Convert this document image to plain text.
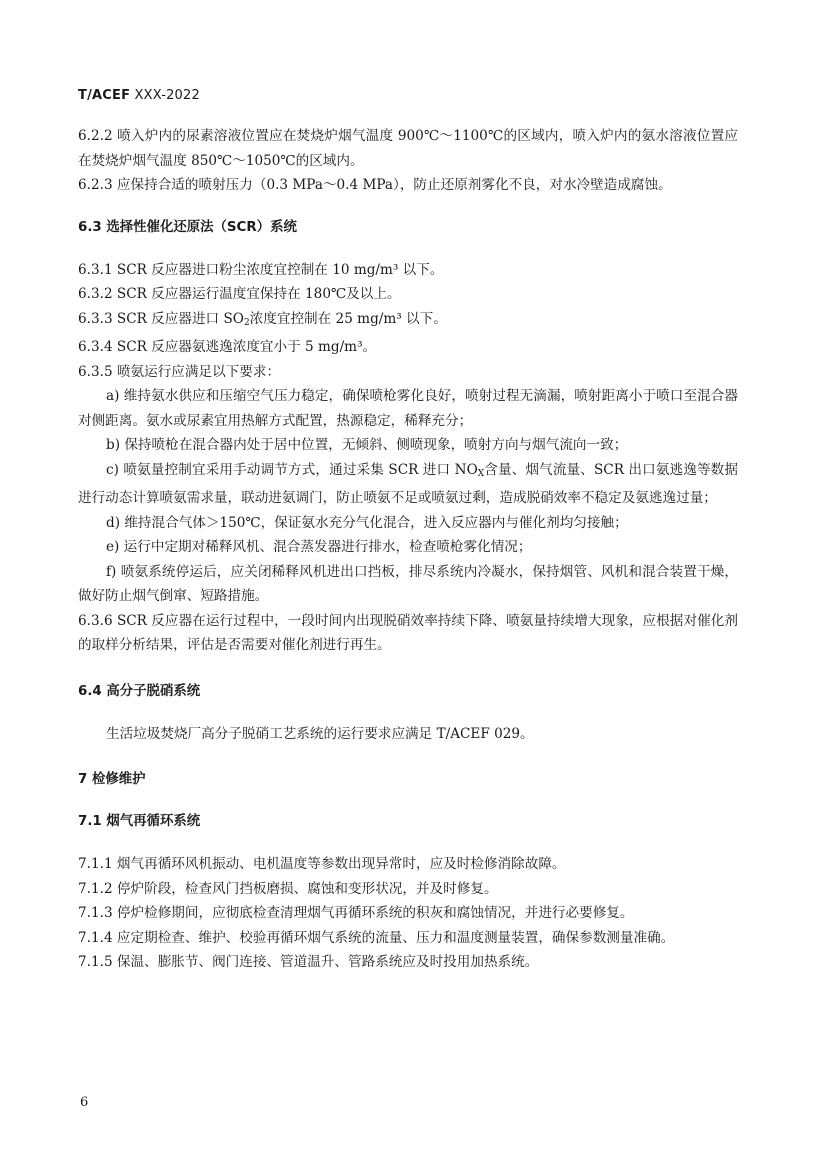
T/ACEF XXX-2022

6.2.2 喷入炉内的尿素溶液位置应在焚烧炉烟气温度 900℃～1100℃的区域内，喷入炉内的氨水溶液位置应在焚烧炉烟气温度 850℃～1050℃的区域内。

6.2.3 应保持合适的喷射压力（0.3 MPa～0.4 MPa），防止还原剂雾化不良，对水冷壁造成腐蚀。

6.3 选择性催化还原法（SCR）系统

6.3.1 SCR 反应器进口粉尘浓度宜控制在 10 mg/m³ 以下。

6.3.2 SCR 反应器运行温度宜保持在 180℃及以上。

6.3.3 SCR 反应器进口 $SO_2$浓度宜控制在 25 mg/m³ 以下。

6.3.4 SCR 反应器氨逃逸浓度宜小于 5 mg/m³。

6.3.5 喷氨运行应满足以下要求：

a) 维持氨水供应和压缩空气压力稳定，确保喷枪雾化良好，喷射过程无滴漏，喷射距离小于喷口至混合器对侧距离。氨水或尿素宜用热解方式配置，热源稳定，稀释充分；

b) 保持喷枪在混合器内处于居中位置，无倾斜、侧喷现象，喷射方向与烟气流向一致；

c) 喷氨量控制宜采用手动调节方式，通过采集 SCR 进口 $NO_X$含量、烟气流量、SCR 出口氨逃逸等数据进行动态计算喷氨需求量，联动进氨调门，防止喷氨不足或喷氨过剩，造成脱硝效率不稳定及氨逃逸过量；

d) 维持混合气体＞150℃，保证氨水充分气化混合，进入反应器内与催化剂均匀接触；

e) 运行中定期对稀释风机、混合蒸发器进行排水，检查喷枪雾化情况；

f) 喷氨系统停运后，应关闭稀释风机进出口挡板，排尽系统内冷凝水，保持烟管、风机和混合装置干燥，做好防止烟气倒窜、短路措施。

6.3.6 SCR 反应器在运行过程中，一段时间内出现脱硝效率持续下降、喷氨量持续增大现象，应根据对催化剂的取样分析结果，评估是否需要对催化剂进行再生。

6.4 高分子脱硝系统

生活垃圾焚烧厂高分子脱硝工艺系统的运行要求应满足 T/ACEF 029。

7 检修维护
7.1 烟气再循环系统

7.1.1 烟气再循环风机振动、电机温度等参数出现异常时，应及时检修消除故障。

7.1.2 停炉阶段，检查风门挡板磨损、腐蚀和变形状况，并及时修复。

7.1.3 停炉检修期间，应彻底检查清理烟气再循环系统的积灰和腐蚀情况，并进行必要修复。

7.1.4 应定期检查、维护、校验再循环烟气系统的流量、压力和温度测量装置，确保参数测量准确。

7.1.5 保温、膨胀节、阀门连接、管道温升、管路系统应及时投用加热系统。

6
